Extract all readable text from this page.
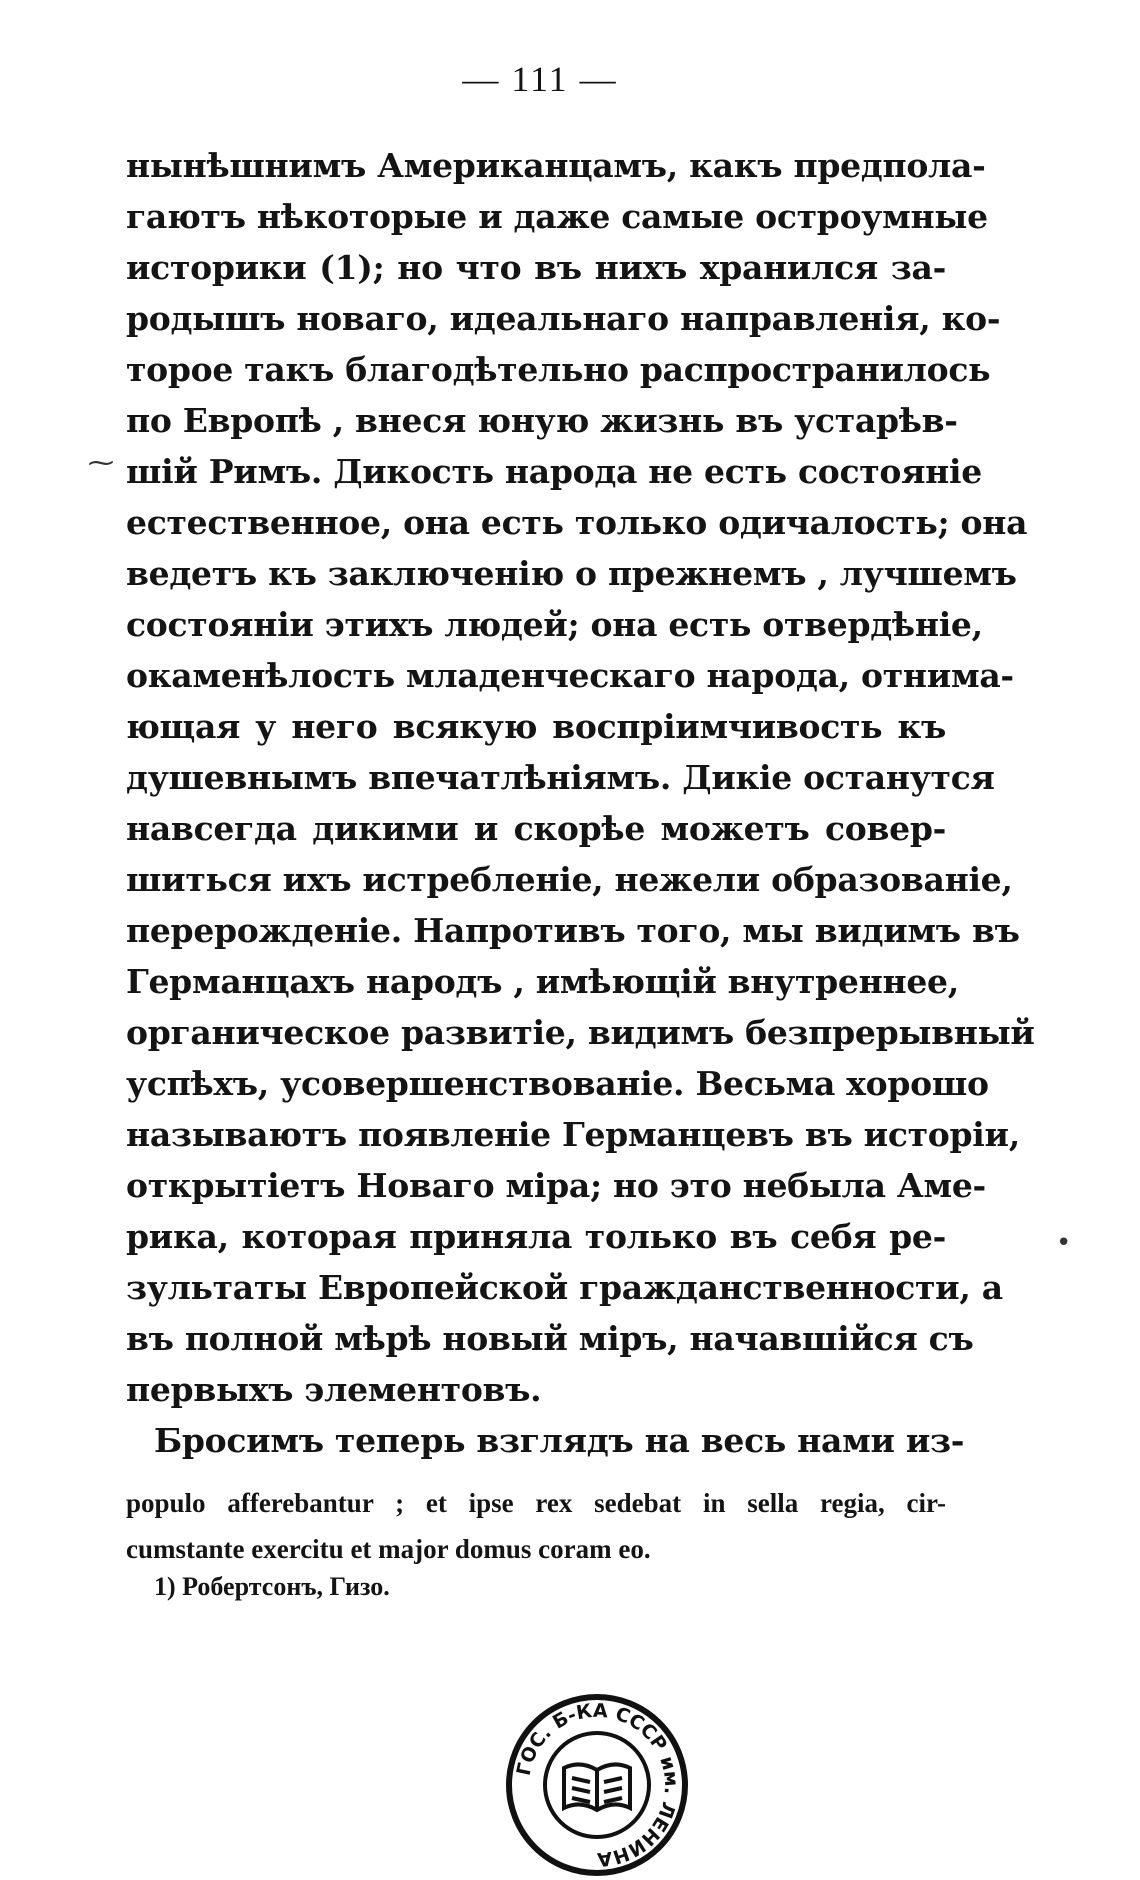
— 111 —
нынѣшнимъ Американцамъ, какъ предпола-
гаютъ нѣкоторые и даже самые остроумные
историки (1); но что въ нихъ хранился за-
родышъ новаго, идеальнаго направленія, ко-
торое такъ благодѣтельно распространилось
по Европѣ , внеся юную жизнь въ устарѣв-
шій Римъ. Дикость народа не есть состояніе
естественное, она есть только одичалость; она
ведетъ къ заключенію о прежнемъ , лучшемъ
состояніи этихъ людей; она есть отвердѣніе,
окаменѣлость младенческаго народа, отнима-
ющая у него всякую воспріимчивость къ
душевнымъ впечатлѣніямъ. Дикіе останутся
навсегда дикими и скорѣе можетъ совер-
шиться ихъ истребленіе, нежели образованіе,
перерожденіе. Напротивъ того, мы видимъ въ
Германцахъ народъ , имѣющій внутреннее,
органическое развитіе, видимъ безпрерывный
успѣхъ, усовершенствованіе. Весьма хорошо
называютъ появленіе Германцевъ въ исторіи,
открытіетъ Новаго міра; но это небыла Аме-
рика, которая приняла только въ себя ре-
зультаты Европейской гражданственности, а
въ полной мѣрѣ новый міръ, начавшійся съ
первыхъ элементовъ.
Бросимъ теперь взглядъ на весь нами из-
populo afferebantur ; et ipse rex sedebat in sella regia, cir-
cumstante exercitu et major domus coram eo.
1) Робертсонъ, Гизо.
⁓
•
ГОС. Б-КА СССР им. ЛЕНИНА
